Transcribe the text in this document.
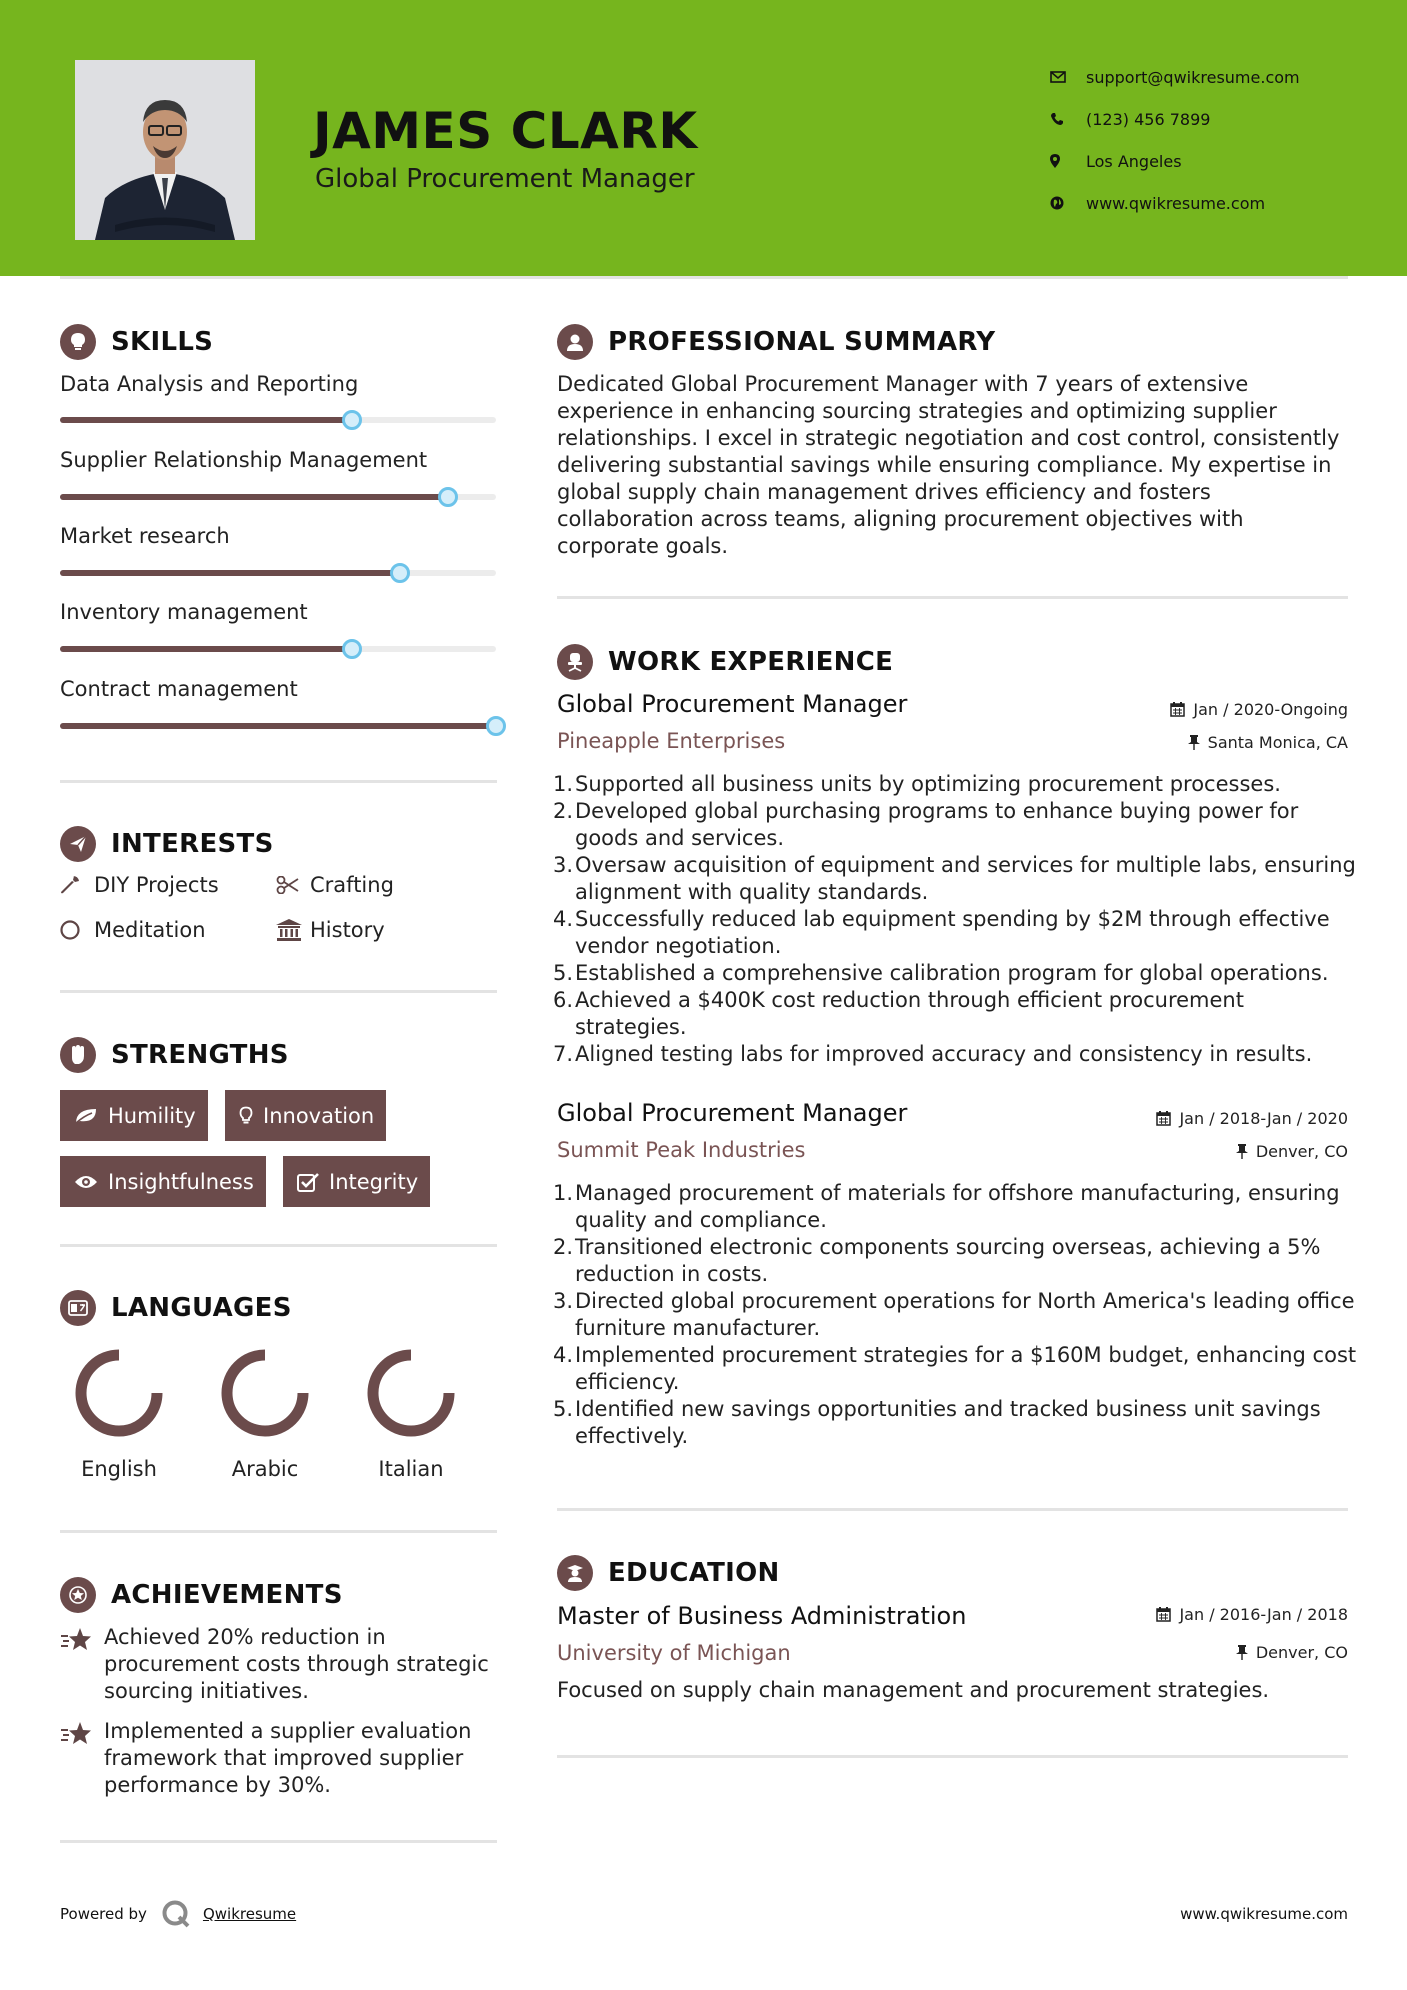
JAMES CLARK
Global Procurement Manager
support@qwikresume.com
(123) 456 7899
Los Angeles
www.qwikresume.com
SKILLS
Data Analysis and Reporting
Supplier Relationship Management
Market research
Inventory management
Contract management
INTERESTS
DIY Projects	Crafting
Meditation	History
STRENGTHS
Humility	Innovation
Insightfulness	Integrity
LANGUAGES
English	Arabic	Italian
ACHIEVEMENTS
Achieved 20% reduction in procurement costs through strategic sourcing initiatives.
Implemented a supplier evaluation framework that improved supplier performance by 30%.
PROFESSIONAL SUMMARY
Dedicated Global Procurement Manager with 7 years of extensive experience in enhancing sourcing strategies and optimizing supplier relationships. I excel in strategic negotiation and cost control, consistently delivering substantial savings while ensuring compliance. My expertise in global supply chain management drives efficiency and fosters collaboration across teams, aligning procurement objectives with corporate goals.
WORK EXPERIENCE
Global Procurement Manager	Jan / 2020-Ongoing
Pineapple Enterprises	Santa Monica, CA
Supported all business units by optimizing procurement processes.
Developed global purchasing programs to enhance buying power for goods and services.
Oversaw acquisition of equipment and services for multiple labs, ensuring alignment with quality standards.
Successfully reduced lab equipment spending by $2M through effective vendor negotiation.
Established a comprehensive calibration program for global operations.
Achieved a $400K cost reduction through efficient procurement strategies.
Aligned testing labs for improved accuracy and consistency in results.
Global Procurement Manager	Jan / 2018-Jan / 2020
Summit Peak Industries	Denver, CO
Managed procurement of materials for offshore manufacturing, ensuring quality and compliance.
Transitioned electronic components sourcing overseas, achieving a 5% reduction in costs.
Directed global procurement operations for North America's leading office furniture manufacturer.
Implemented procurement strategies for a $160M budget, enhancing cost efficiency.
Identified new savings opportunities and tracked business unit savings effectively.
EDUCATION
Master of Business Administration	Jan / 2016-Jan / 2018
University of Michigan	Denver, CO
Focused on supply chain management and procurement strategies.
Powered by	Qwikresume	www.qwikresume.com
